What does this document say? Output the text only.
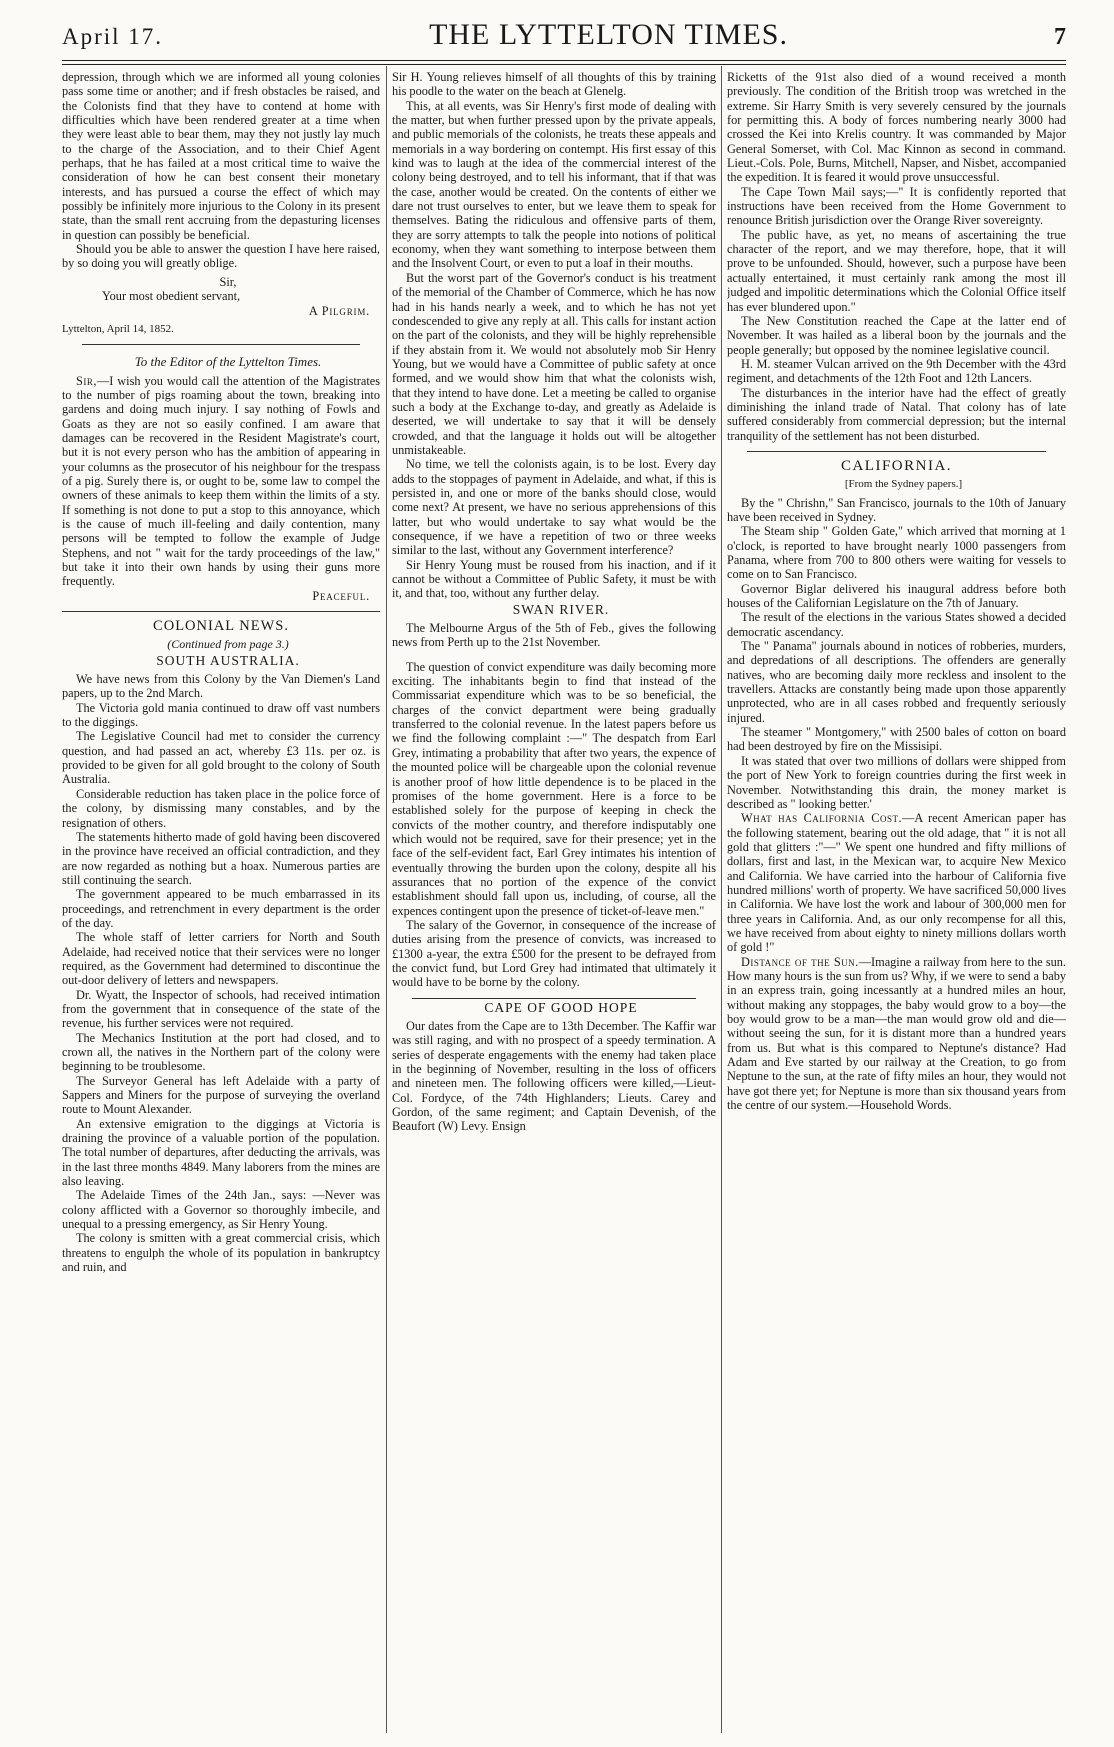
April 17.	THE LYTTELTON TIMES.	7

depression, through which we are informed all young colonies pass some time or another; and if fresh obstacles be raised, and the Colonists find that they have to contend at home with difficulties which have been rendered greater at a time when they were least able to bear them, may they not justly lay much to the charge of the Association, and to their Chief Agent perhaps, that he has failed at a most critical time to waive the consideration of how he can best consent their monetary interests, and has pursued a course the effect of which may possibly be infinitely more injurious to the Colony in its present state, than the small rent accruing from the depasturing licenses in question can possibly be beneficial.

Should you be able to answer the question I have here raised, by so doing you will greatly oblige.

Sir,

Your most obedient servant,

A Pilgrim.

Lyttelton, April 14, 1852.

To the Editor of the Lyttelton Times.

Sir,—I wish you would call the attention of the Magistrates to the number of pigs roaming about the town, breaking into gardens and doing much injury. I say nothing of Fowls and Goats as they are not so easily confined. I am aware that damages can be recovered in the Resident Magistrate's court, but it is not every person who has the ambition of appearing in your columns as the prosecutor of his neighbour for the trespass of a pig. Surely there is, or ought to be, some law to compel the owners of these animals to keep them within the limits of a sty. If something is not done to put a stop to this annoyance, which is the cause of much ill-feeling and daily contention, many persons will be tempted to follow the example of Judge Stephens, and not " wait for the tardy proceedings of the law," but take it into their own hands by using their guns more frequently.

Peaceful.

COLONIAL NEWS.

(Continued from page 3.)

SOUTH AUSTRALIA.

We have news from this Colony by the Van Diemen's Land papers, up to the 2nd March.

The Victoria gold mania continued to draw off vast numbers to the diggings.

The Legislative Council had met to consider the currency question, and had passed an act, whereby £3 11s. per oz. is provided to be given for all gold brought to the colony of South Australia.

Considerable reduction has taken place in the police force of the colony, by dismissing many constables, and by the resignation of others.

The statements hitherto made of gold having been discovered in the province have received an official contradiction, and they are now regarded as nothing but a hoax. Numerous parties are still continuing the search.

The government appeared to be much embarrassed in its proceedings, and retrenchment in every department is the order of the day.

The whole staff of letter carriers for North and South Adelaide, had received notice that their services were no longer required, as the Government had determined to discontinue the out-door delivery of letters and newspapers.

Dr. Wyatt, the Inspector of schools, had received intimation from the government that in consequence of the state of the revenue, his further services were not required.

The Mechanics Institution at the port had closed, and to crown all, the natives in the Northern part of the colony were beginning to be troublesome.

The Surveyor General has left Adelaide with a party of Sappers and Miners for the purpose of surveying the overland route to Mount Alexander.

An extensive emigration to the diggings at Victoria is draining the province of a valuable portion of the population. The total number of departures, after deducting the arrivals, was in the last three months 4849. Many laborers from the mines are also leaving.

The Adelaide Times of the 24th Jan., says: —Never was colony afflicted with a Governor so thoroughly imbecile, and unequal to a pressing emergency, as Sir Henry Young.

The colony is smitten with a great commercial crisis, which threatens to engulph the whole of its population in bankruptcy and ruin, and

Sir H. Young relieves himself of all thoughts of this by training his poodle to the water on the beach at Glenelg.

This, at all events, was Sir Henry's first mode of dealing with the matter, but when further pressed upon by the private appeals, and public memorials of the colonists, he treats these appeals and memorials in a way bordering on contempt. His first essay of this kind was to laugh at the idea of the commercial interest of the colony being destroyed, and to tell his informant, that if that was the case, another would be created. On the contents of either we dare not trust ourselves to enter, but we leave them to speak for themselves. Bating the ridiculous and offensive parts of them, they are sorry attempts to talk the people into notions of political economy, when they want something to interpose between them and the Insolvent Court, or even to put a loaf in their mouths.

But the worst part of the Governor's conduct is his treatment of the memorial of the Chamber of Commerce, which he has now had in his hands nearly a week, and to which he has not yet condescended to give any reply at all. This calls for instant action on the part of the colonists, and they will be highly reprehensible if they abstain from it. We would not absolutely mob Sir Henry Young, but we would have a Committee of public safety at once formed, and we would show him that what the colonists wish, that they intend to have done. Let a meeting be called to organise such a body at the Exchange to-day, and greatly as Adelaide is deserted, we will undertake to say that it will be densely crowded, and that the language it holds out will be altogether unmistakeable.

No time, we tell the colonists again, is to be lost. Every day adds to the stoppages of payment in Adelaide, and what, if this is persisted in, and one or more of the banks should close, would come next? At present, we have no serious apprehensions of this latter, but who would undertake to say what would be the consequence, if we have a repetition of two or three weeks similar to the last, without any Government interference?

Sir Henry Young must be roused from his inaction, and if it cannot be without a Committee of Public Safety, it must be with it, and that, too, without any further delay.

SWAN RIVER.

The Melbourne Argus of the 5th of Feb., gives the following news from Perth up to the 21st November.

The question of convict expenditure was daily becoming more exciting. The inhabitants begin to find that instead of the Commissariat expenditure which was to be so beneficial, the charges of the convict department were being gradually transferred to the colonial revenue. In the latest papers before us we find the following complaint :—" The despatch from Earl Grey, intimating a probability that after two years, the expence of the mounted police will be chargeable upon the colonial revenue is another proof of how little dependence is to be placed in the promises of the home government. Here is a force to be established solely for the purpose of keeping in check the convicts of the mother country, and therefore indisputably one which would not be required, save for their presence; yet in the face of the self-evident fact, Earl Grey intimates his intention of eventually throwing the burden upon the colony, despite all his assurances that no portion of the expence of the convict establishment should fall upon us, including, of course, all the expences contingent upon the presence of ticket-of-leave men."

The salary of the Governor, in consequence of the increase of duties arising from the presence of convicts, was increased to £1300 a-year, the extra £500 for the present to be defrayed from the convict fund, but Lord Grey had intimated that ultimately it would have to be borne by the colony.

CAPE OF GOOD HOPE

Our dates from the Cape are to 13th December. The Kaffir war was still raging, and with no prospect of a speedy termination. A series of desperate engagements with the enemy had taken place in the beginning of November, resulting in the loss of officers and nineteen men. The following officers were killed,—Lieut-Col. Fordyce, of the 74th Highlanders; Lieuts. Carey and Gordon, of the same regiment; and Captain Devenish, of the Beaufort (W) Levy. Ensign

Ricketts of the 91st also died of a wound received a month previously. The condition of the British troop was wretched in the extreme. Sir Harry Smith is very severely censured by the journals for permitting this. A body of forces numbering nearly 3000 had crossed the Kei into Krelis country. It was commanded by Major General Somerset, with Col. Mac Kinnon as second in command. Lieut.-Cols. Pole, Burns, Mitchell, Napser, and Nisbet, accompanied the expedition. It is feared it would prove unsuccessful.

The Cape Town Mail says;—" It is confidently reported that instructions have been received from the Home Government to renounce British jurisdiction over the Orange River sovereignty.

The public have, as yet, no means of ascertaining the true character of the report, and we may therefore, hope, that it will prove to be unfounded. Should, however, such a purpose have been actually entertained, it must certainly rank among the most ill judged and impolitic determinations which the Colonial Office itself has ever blundered upon."

The New Constitution reached the Cape at the latter end of November. It was hailed as a liberal boon by the journals and the people generally; but opposed by the nominee legislative council.

H. M. steamer Vulcan arrived on the 9th December with the 43rd regiment, and detachments of the 12th Foot and 12th Lancers.

The disturbances in the interior have had the effect of greatly diminishing the inland trade of Natal. That colony has of late suffered considerably from commercial depression; but the internal tranquility of the settlement has not been disturbed.

CALIFORNIA.

[From the Sydney papers.]

By the " Chrishn," San Francisco, journals to the 10th of January have been received in Sydney.

The Steam ship " Golden Gate," which arrived that morning at 1 o'clock, is reported to have brought nearly 1000 passengers from Panama, where from 700 to 800 others were waiting for vessels to come on to San Francisco.

Governor Biglar delivered his inaugural address before both houses of the Californian Legislature on the 7th of January.

The result of the elections in the various States showed a decided democratic ascendancy.

The " Panama" journals abound in notices of robberies, murders, and depredations of all descriptions. The offenders are generally natives, who are becoming daily more reckless and insolent to the travellers. Attacks are constantly being made upon those apparently unprotected, who are in all cases robbed and frequently seriously injured.

The steamer " Montgomery," with 2500 bales of cotton on board had been destroyed by fire on the Missisipi.

It was stated that over two millions of dollars were shipped from the port of New York to foreign countries during the first week in November. Notwithstanding this drain, the money market is described as " looking better.'

What has California Cost.—A recent American paper has the following statement, bearing out the old adage, that " it is not all gold that glitters :"—" We spent one hundred and fifty millions of dollars, first and last, in the Mexican war, to acquire New Mexico and California. We have carried into the harbour of California five hundred millions' worth of property. We have sacrificed 50,000 lives in California. We have lost the work and labour of 300,000 men for three years in California. And, as our only recompense for all this, we have received from about eighty to ninety millions dollars worth of gold !"

Distance of the Sun.—Imagine a railway from here to the sun. How many hours is the sun from us? Why, if we were to send a baby in an express train, going incessantly at a hundred miles an hour, without making any stoppages, the baby would grow to a boy—the boy would grow to be a man—the man would grow old and die—without seeing the sun, for it is distant more than a hundred years from us. But what is this compared to Neptune's distance? Had Adam and Eve started by our railway at the Creation, to go from Neptune to the sun, at the rate of fifty miles an hour, they would not have got there yet; for Neptune is more than six thousand years from the centre of our system.—Household Words.
